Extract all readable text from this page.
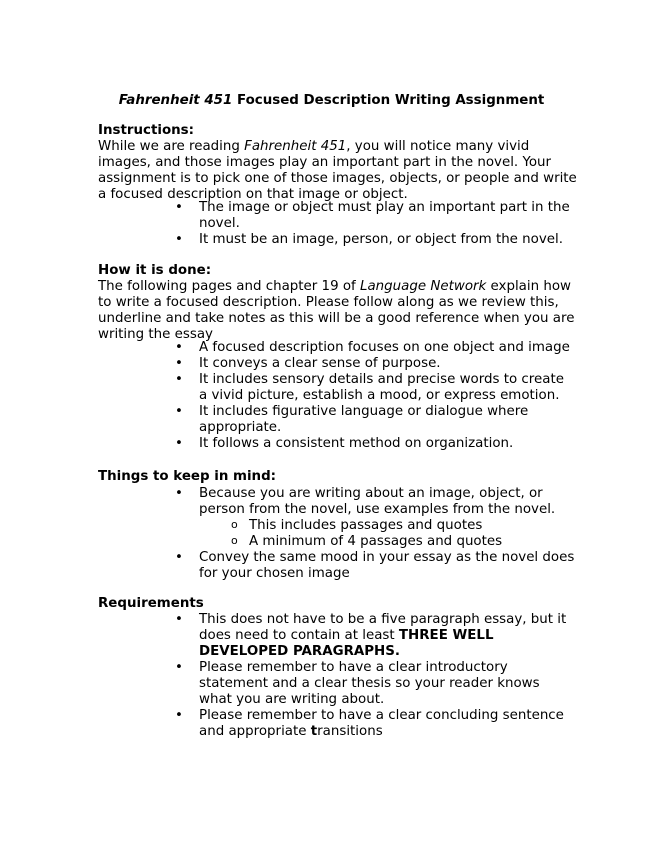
Fahrenheit 451 Focused Description Writing Assignment
Instructions:
While we are reading Fahrenheit 451, you will notice many vivid images, and those images play an important part in the novel. Your assignment is to pick one of those images, objects, or people and write a focused description on that image or object.
• The image or object must play an important part in the novel.
• It must be an image, person, or object from the novel.
How it is done:
The following pages and chapter 19 of Language Network explain how to write a focused description. Please follow along as we review this, underline and take notes as this will be a good reference when you are writing the essay
• A focused description focuses on one object and image
• It conveys a clear sense of purpose.
• It includes sensory details and precise words to create a vivid picture, establish a mood, or express emotion.
• It includes figurative language or dialogue where appropriate.
• It follows a consistent method on organization.
Things to keep in mind:
• Because you are writing about an image, object, or person from the novel, use examples from the novel.
o This includes passages and quotes
o A minimum of 4 passages and quotes
• Convey the same mood in your essay as the novel does for your chosen image
Requirements
• This does not have to be a five paragraph essay, but it does need to contain at least THREE WELL DEVELOPED PARAGRAPHS.
• Please remember to have a clear introductory statement and a clear thesis so your reader knows what you are writing about.
• Please remember to have a clear concluding sentence and appropriate transitions
